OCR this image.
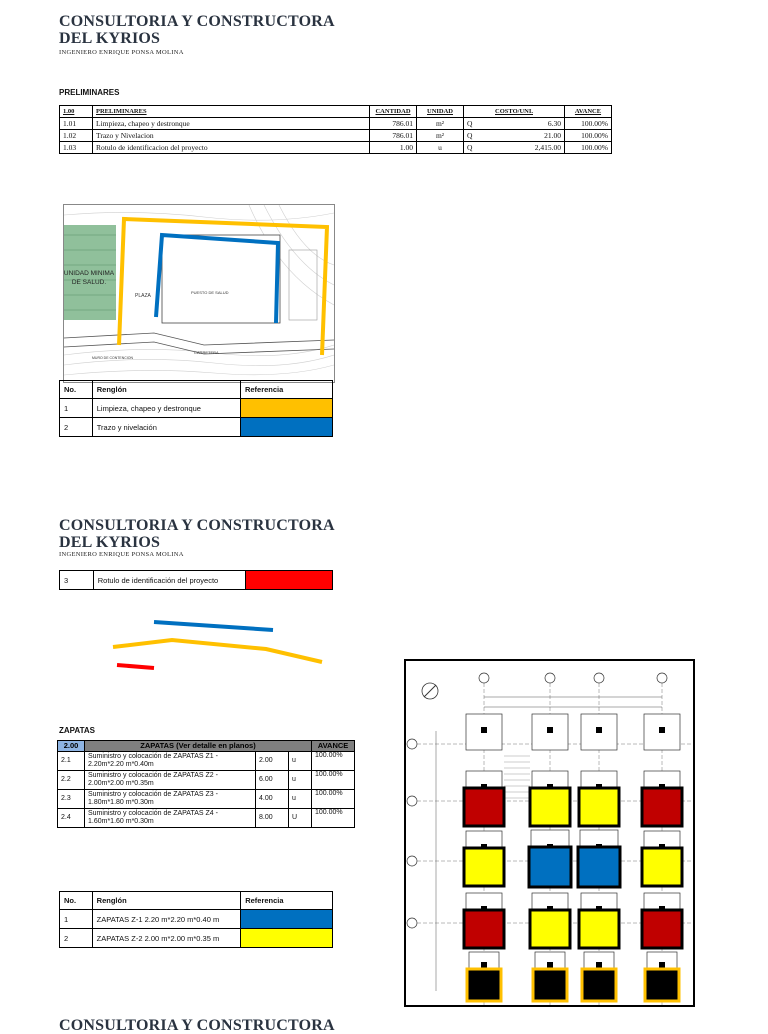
CONSULTORIA Y CONSTRUCTORA
DEL KYRIOS
INGENIERO ENRIQUE PONSA MOLINA
PRELIMINARES
1.00	PRELIMINARES	CANTIDAD	UNIDAD	COSTO/UNI.		AVANCE
1.01	Limpieza, chapeo y destronque	786.01	m²	Q	6.30	100.00%
1.02	Trazo y Nivelacion	786.01	m²	Q	21.00	100.00%
1.03	Rotulo de identificacion del proyecto	1.00	u	Q	2,415.00	100.00%
UNIDAD MINIMA
DE SALUD.
PLAZA
PUESTO DE SALUD
CARRETERA
MURO DE CONTENCION
No.	Renglón	Referencia
1	Limpieza, chapeo y destronque	
2	Trazo y nivelación	
CONSULTORIA Y CONSTRUCTORA
DEL KYRIOS
INGENIERO ENRIQUE PONSA MOLINA
3	Rotulo de identificación del proyecto	
ZAPATAS
2.00	ZAPATAS (Ver detalle en planos)			AVANCE
2.1	Suministro y colocación de ZAPATAS Z1 - 2.20m*2.20 m*0.40m	2.00	u	100.00%
2.2	Suministro y colocación de ZAPATAS Z2 - 2.00m*2.00 m*0.35m	6.00	u	100.00%
2.3	Suministro y colocación de ZAPATAS Z3 - 1.80m*1.80 m*0.30m	4.00	u	100.00%
2.4	Suministro y colocación de ZAPATAS Z4 - 1.60m*1.60 m*0.30m	8.00	U	100.00%
No.	Renglón	Referencia
1	ZAPATAS Z-1 2.20 m*2.20 m*0.40 m	
2	ZAPATAS Z-2 2.00 m*2.00 m*0.35 m	
CONSULTORIA Y CONSTRUCTORA
